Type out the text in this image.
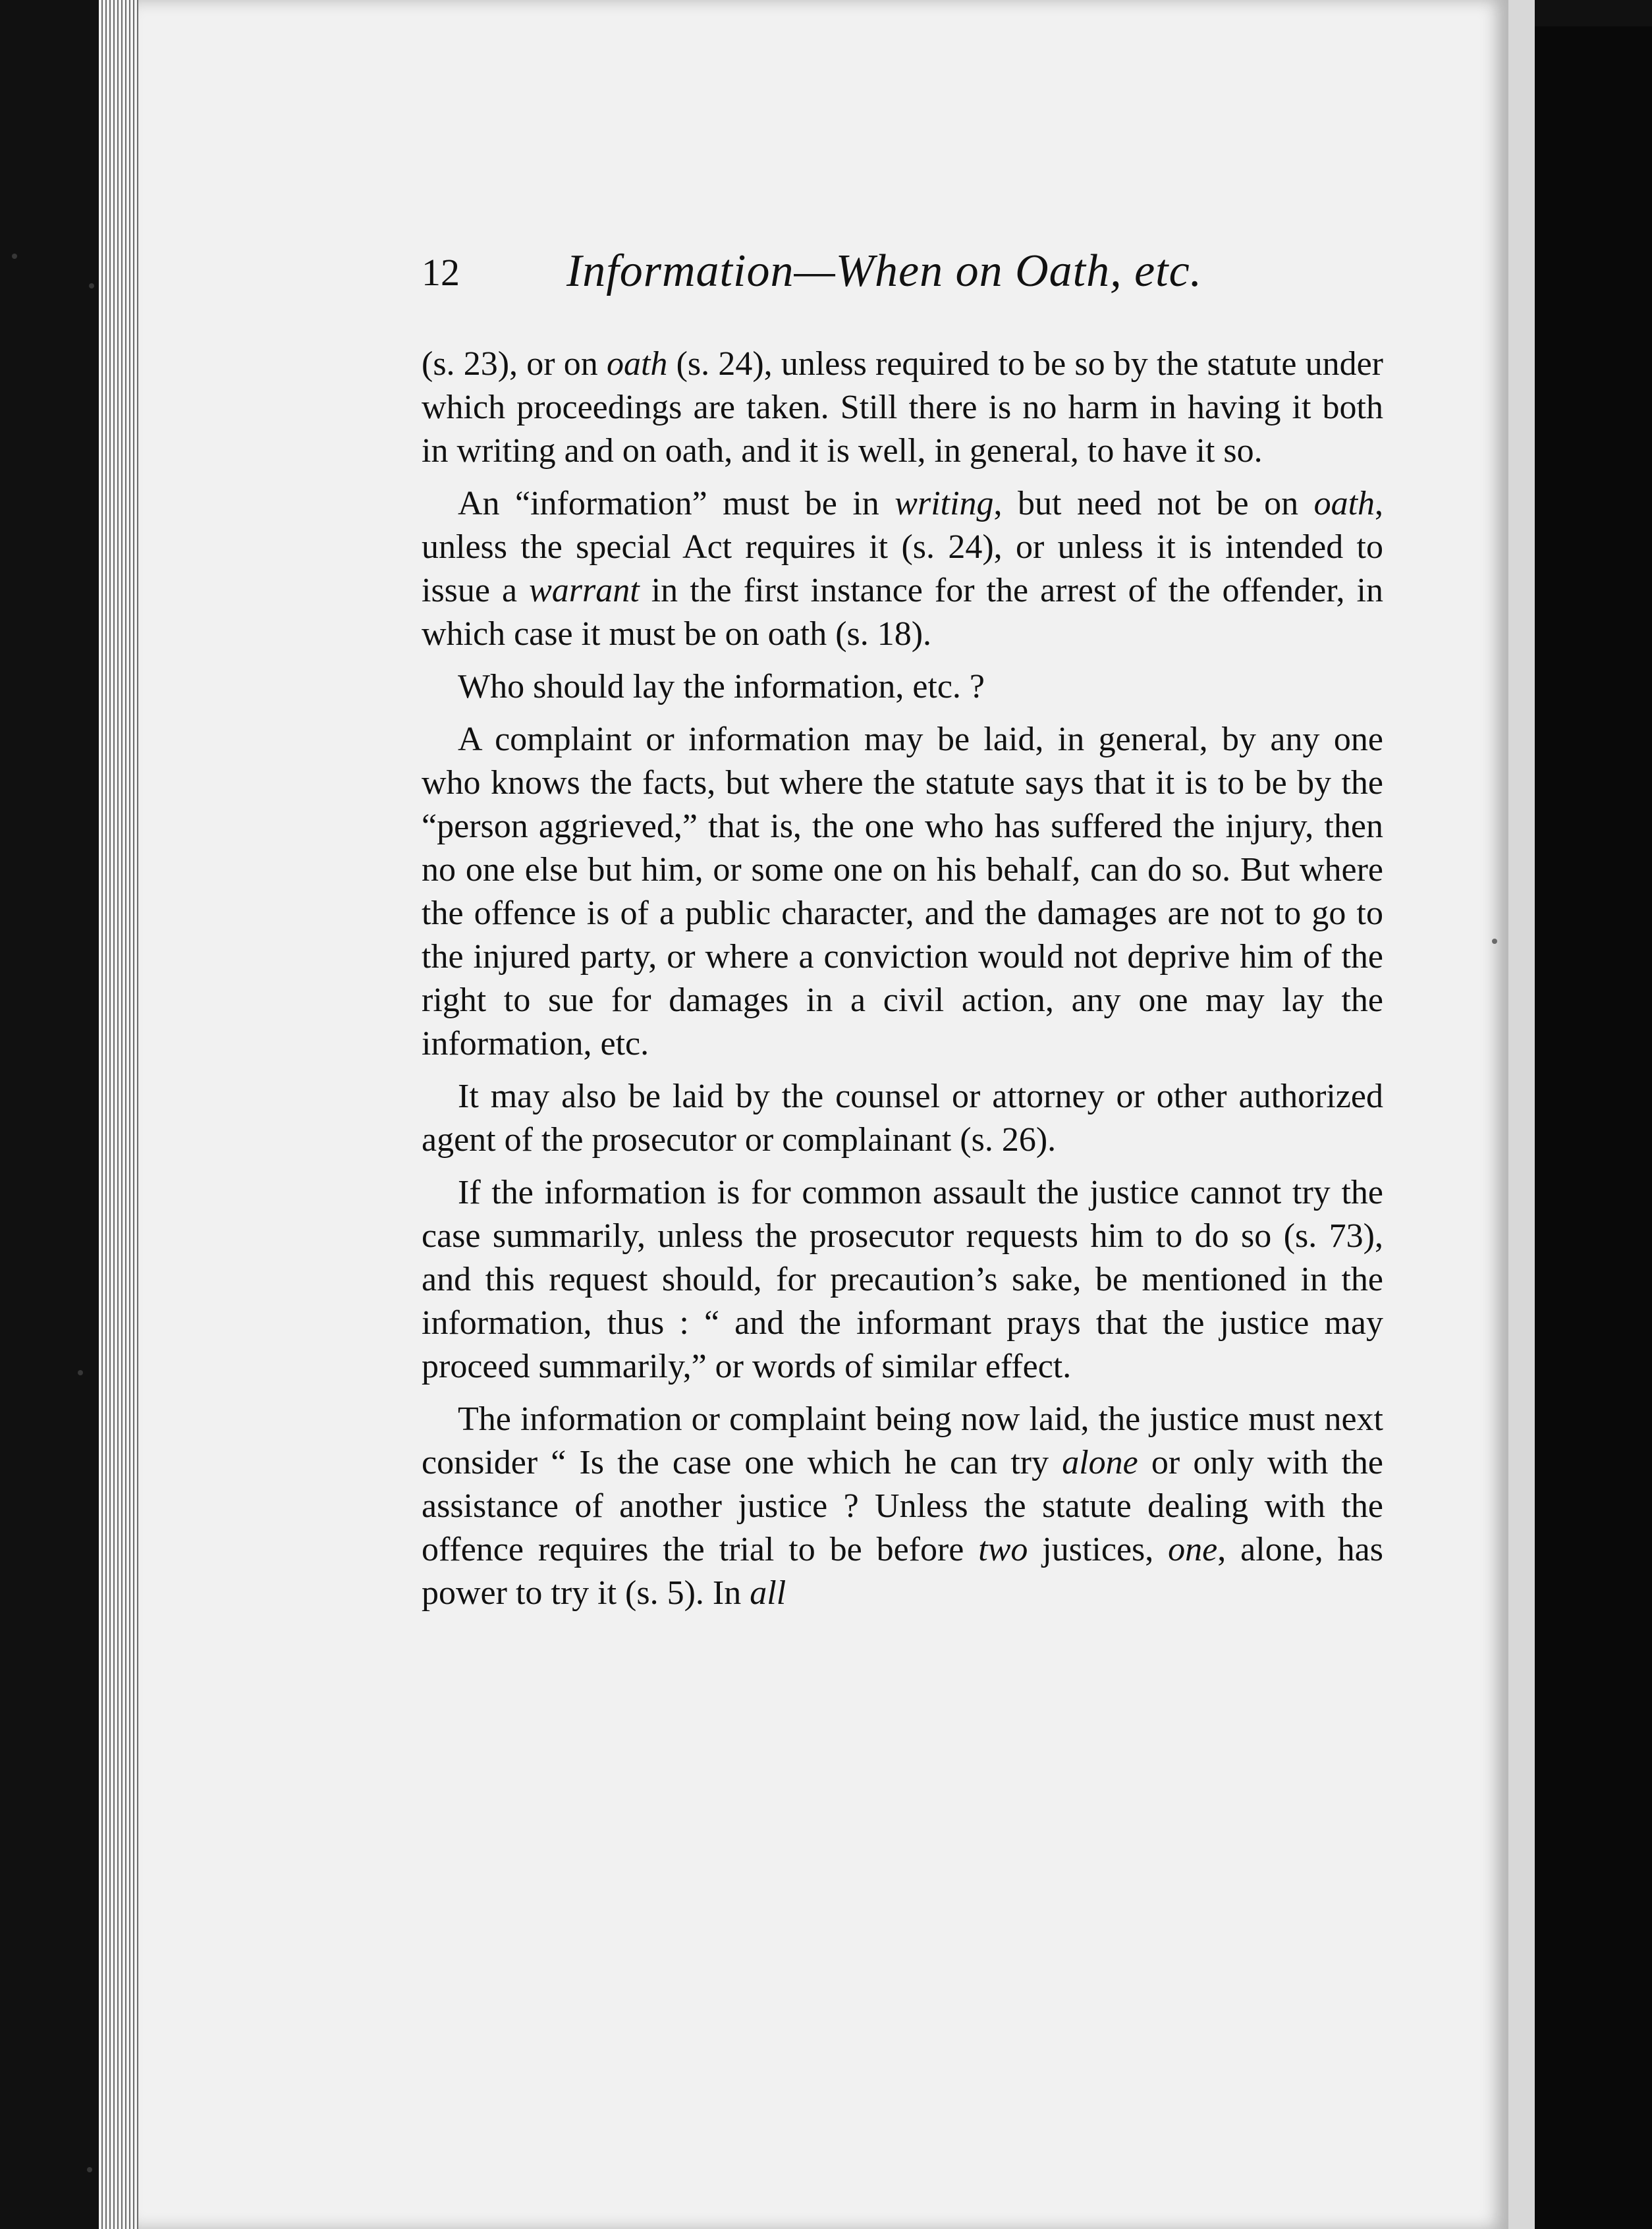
12 Information—When on Oath, etc.

(s. 23), or on oath (s. 24), unless required to be so by the statute under which proceedings are taken. Still there is no harm in having it both in writing and on oath, and it is well, in general, to have it so.

An “information” must be in writing, but need not be on oath, unless the special Act requires it (s. 24), or unless it is intended to issue a warrant in the first instance for the arrest of the offender, in which case it must be on oath (s. 18).

Who should lay the information, etc. ?

A complaint or information may be laid, in general, by any one who knows the facts, but where the statute says that it is to be by the “person aggrieved,” that is, the one who has suffered the injury, then no one else but him, or some one on his behalf, can do so. But where the offence is of a public character, and the damages are not to go to the injured party, or where a conviction would not deprive him of the right to sue for damages in a civil action, any one may lay the information, etc.

It may also be laid by the counsel or attorney or other authorized agent of the prosecutor or complainant (s. 26).

If the information is for common assault the justice cannot try the case summarily, unless the prosecutor requests him to do so (s. 73), and this request should, for precaution’s sake, be mentioned in the information, thus : “ and the informant prays that the justice may proceed summarily,” or words of similar effect.

The information or complaint being now laid, the justice must next consider “ Is the case one which he can try alone or only with the assistance of another justice ? Unless the statute dealing with the offence requires the trial to be before two justices, one, alone, has power to try it (s. 5). In all
